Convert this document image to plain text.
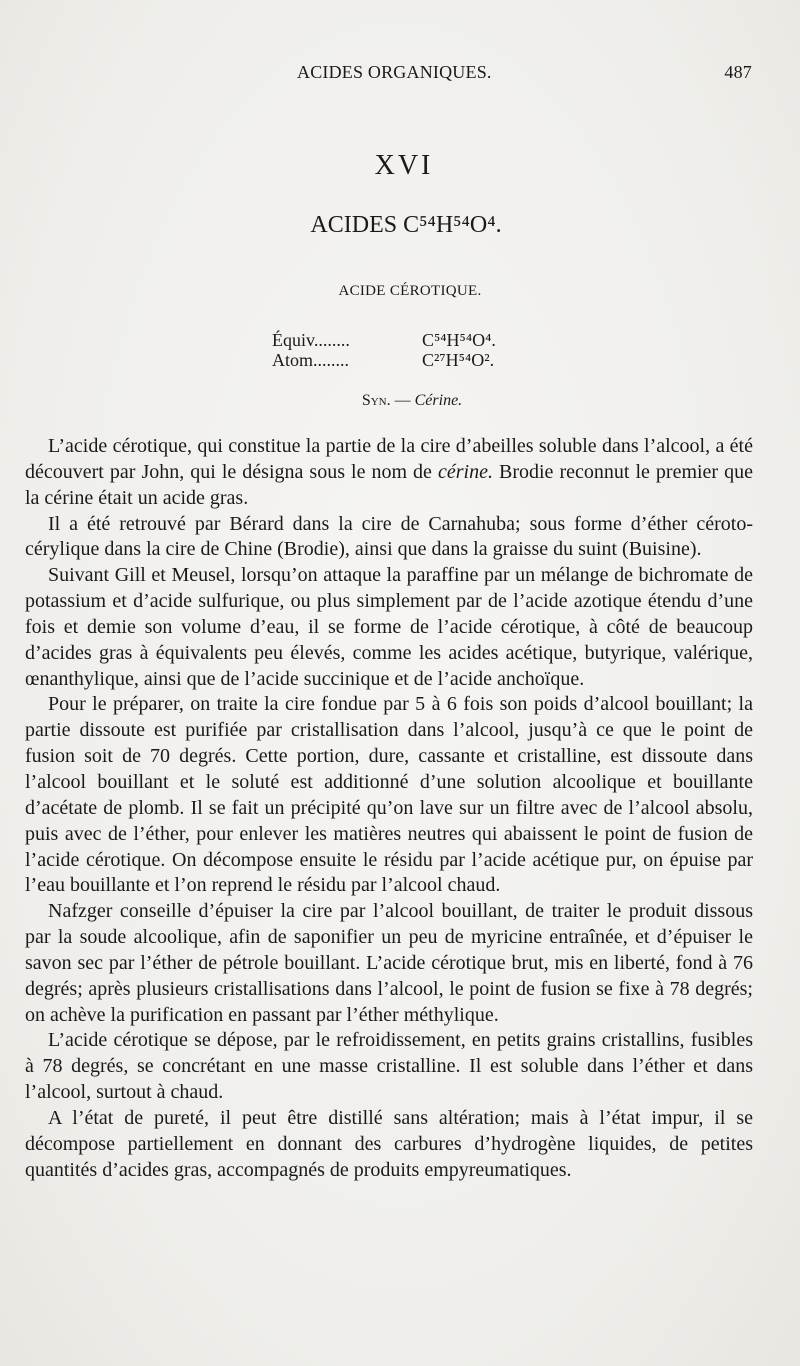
ACIDES ORGANIQUES.	487
XVI
ACIDES C⁵⁴H⁵⁴O⁴.
ACIDE CÉROTIQUE.
Équiv........	C⁵⁴H⁵⁴O⁴.
Atom........	C²⁷H⁵⁴O².
Syn. — Cérine.

L’acide cérotique, qui constitue la partie de la cire d’abeilles soluble dans l’alcool, a été découvert par John, qui le désigna sous le nom de cérine. Brodie reconnut le premier que la cérine était un acide gras.

Il a été retrouvé par Bérard dans la cire de Carnahuba; sous forme d’éther céroto-cérylique dans la cire de Chine (Brodie), ainsi que dans la graisse du suint (Buisine).

Suivant Gill et Meusel, lorsqu’on attaque la paraffine par un mélange de bichromate de potassium et d’acide sulfurique, ou plus simplement par de l’acide azotique étendu d’une fois et demie son volume d’eau, il se forme de l’acide cérotique, à côté de beaucoup d’acides gras à équivalents peu élevés, comme les acides acétique, butyrique, valérique, œnanthylique, ainsi que de l’acide succinique et de l’acide anchoïque.

Pour le préparer, on traite la cire fondue par 5 à 6 fois son poids d’alcool bouillant; la partie dissoute est purifiée par cristallisation dans l’alcool, jusqu’à ce que le point de fusion soit de 70 degrés. Cette portion, dure, cassante et cristalline, est dissoute dans l’alcool bouillant et le soluté est additionné d’une solution alcoolique et bouillante d’acétate de plomb. Il se fait un précipité qu’on lave sur un filtre avec de l’alcool absolu, puis avec de l’éther, pour enlever les matières neutres qui abaissent le point de fusion de l’acide cérotique. On décompose ensuite le résidu par l’acide acétique pur, on épuise par l’eau bouillante et l’on reprend le résidu par l’alcool chaud.

Nafzger conseille d’épuiser la cire par l’alcool bouillant, de traiter le produit dissous par la soude alcoolique, afin de saponifier un peu de myricine entraînée, et d’épuiser le savon sec par l’éther de pétrole bouillant. L’acide cérotique brut, mis en liberté, fond à 76 degrés; après plusieurs cristallisations dans l’alcool, le point de fusion se fixe à 78 degrés; on achève la purification en passant par l’éther méthylique.

L’acide cérotique se dépose, par le refroidissement, en petits grains cristallins, fusibles à 78 degrés, se concrétant en une masse cristalline. Il est soluble dans l’éther et dans l’alcool, surtout à chaud.

A l’état de pureté, il peut être distillé sans altération; mais à l’état impur, il se décompose partiellement en donnant des carbures d’hydrogène liquides, de petites quantités d’acides gras, accompagnés de produits empyreumatiques.
